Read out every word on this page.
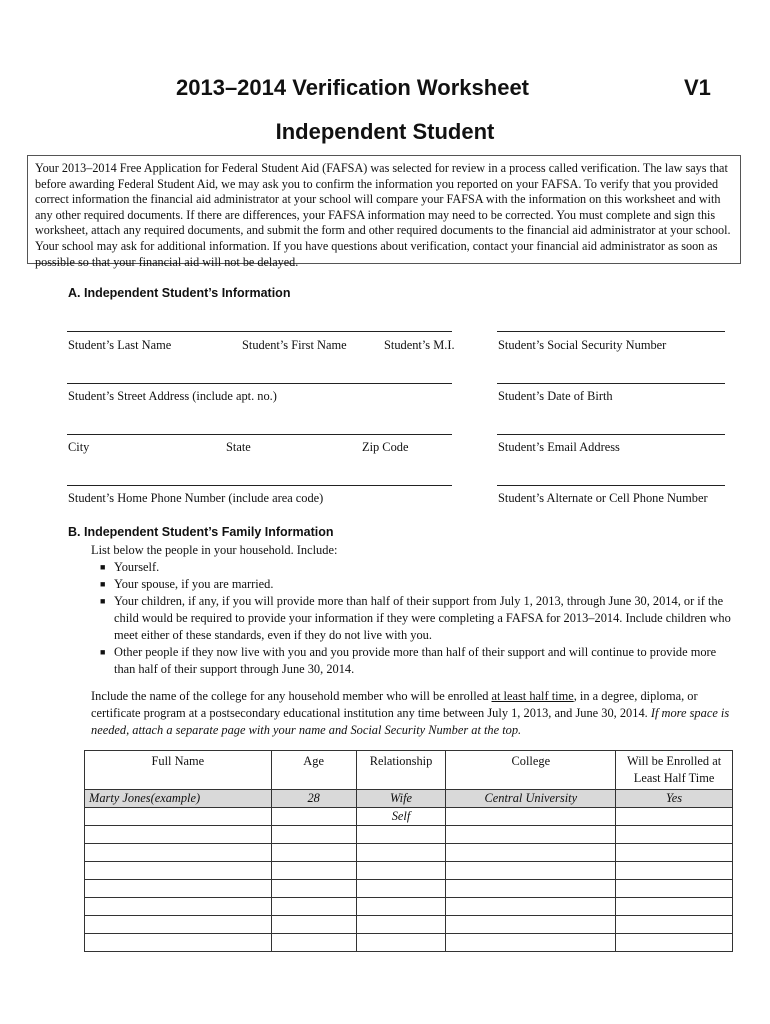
2013–2014 Verification Worksheet	V1
Independent Student
Your 2013–2014 Free Application for Federal Student Aid (FAFSA) was selected for review in a process called verification. The law says that before awarding Federal Student Aid, we may ask you to confirm the information you reported on your FAFSA. To verify that you provided correct information the financial aid administrator at your school will compare your FAFSA with the information on this worksheet and with any other required documents. If there are differences, your FAFSA information may need to be corrected. You must complete and sign this worksheet, attach any required documents, and submit the form and other required documents to the financial aid administrator at your school. Your school may ask for additional information. If you have questions about verification, contact your financial aid administrator as soon as possible so that your financial aid will not be delayed.
A. Independent Student’s Information
Student’s Last Name	Student’s First Name	Student’s M.I.	Student’s Social Security Number
Student’s Street Address (include apt. no.)	Student’s Date of Birth
City	State	Zip Code	Student’s Email Address
Student’s Home Phone Number (include area code)	Student’s Alternate or Cell Phone Number
B. Independent Student’s Family Information
List below the people in your household. Include:
■ Yourself.
■ Your spouse, if you are married.
■ Your children, if any, if you will provide more than half of their support from July 1, 2013, through June 30, 2014, or if the child would be required to provide your information if they were completing a FAFSA for 2013–2014. Include children who meet either of these standards, even if they do not live with you.
■ Other people if they now live with you and you provide more than half of their support and will continue to provide more than half of their support through June 30, 2014.
Include the name of the college for any household member who will be enrolled at least half time, in a degree, diploma, or certificate program at a postsecondary educational institution any time between July 1, 2013, and June 30, 2014. If more space is needed, attach a separate page with your name and Social Security Number at the top.
Full Name	Age	Relationship	College	Will be Enrolled at Least Half Time
Marty Jones(example)	28	Wife	Central University	Yes
		Self		
